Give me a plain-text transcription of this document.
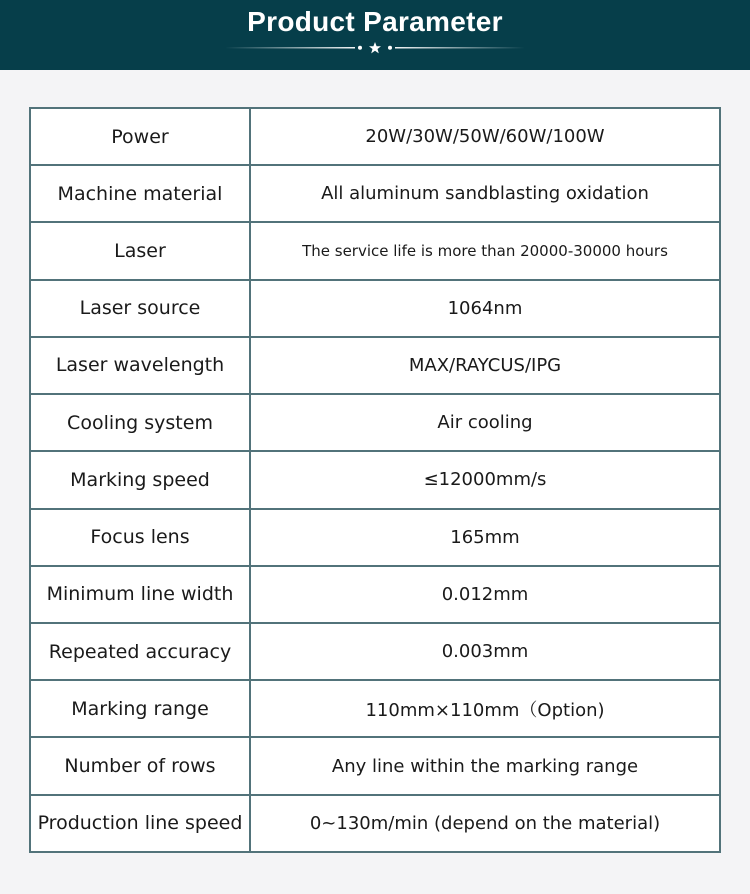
Product Parameter
Power	20W/30W/50W/60W/100W
Machine material	All aluminum sandblasting oxidation
Laser	The service life is more than 20000-30000 hours
Laser source	1064nm
Laser wavelength	MAX/RAYCUS/IPG
Cooling system	Air cooling
Marking speed	≤12000mm/s
Focus lens	165mm
Minimum line width	0.012mm
Repeated accuracy	0.003mm
Marking range	110mm×110mm（Option)
Number of rows	Any line within the marking range
Production line speed	0~130m/min (depend on the material)
